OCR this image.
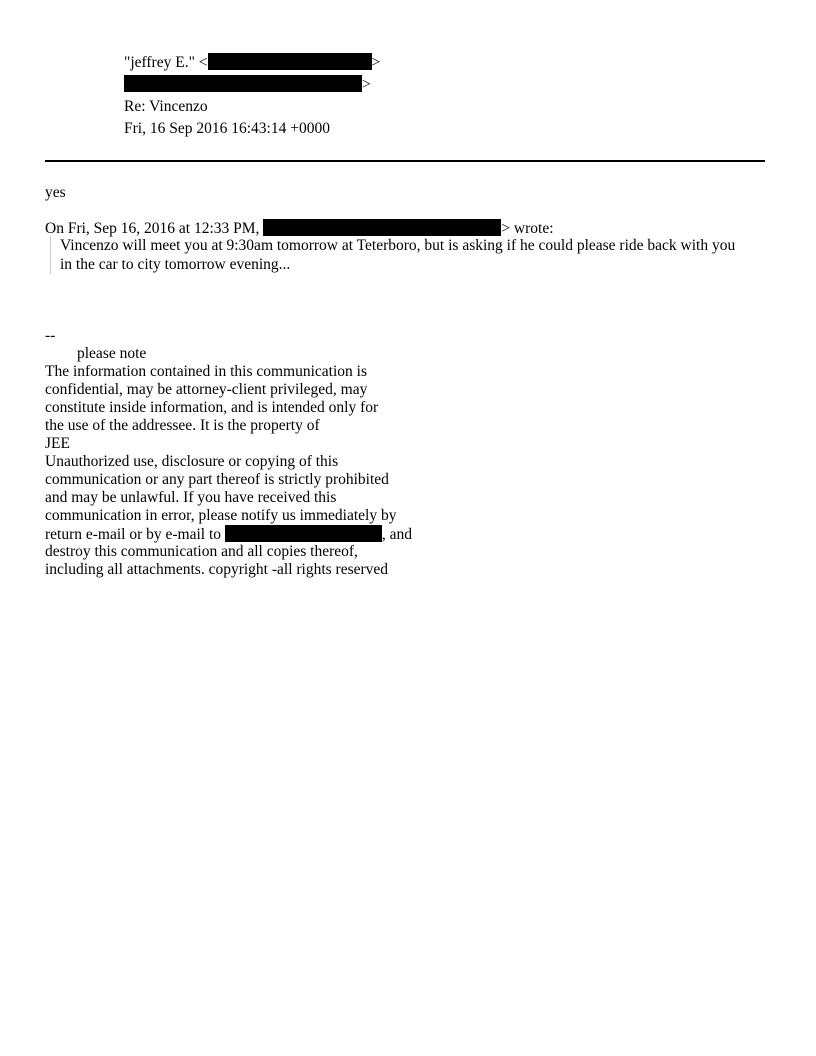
"jeffrey E." <	>
>
Re: Vincenzo
Fri, 16 Sep 2016 16:43:14 +0000
yes
On Fri, Sep 16, 2016 at 12:33 PM,	> wrote:
Vincenzo will meet you at 9:30am tomorrow at Teterboro, but is asking if he could please ride back with you
in the car to city tomorrow evening...
--
please note
The information contained in this communication is
confidential, may be attorney-client privileged, may
constitute inside information, and is intended only for
the use of the addressee. It is the property of
JEE
Unauthorized use, disclosure or copying of this
communication or any part thereof is strictly prohibited
and may be unlawful. If you have received this
communication in error, please notify us immediately by
return e-mail or by e-mail to	, and
destroy this communication and all copies thereof,
including all attachments. copyright -all rights reserved
